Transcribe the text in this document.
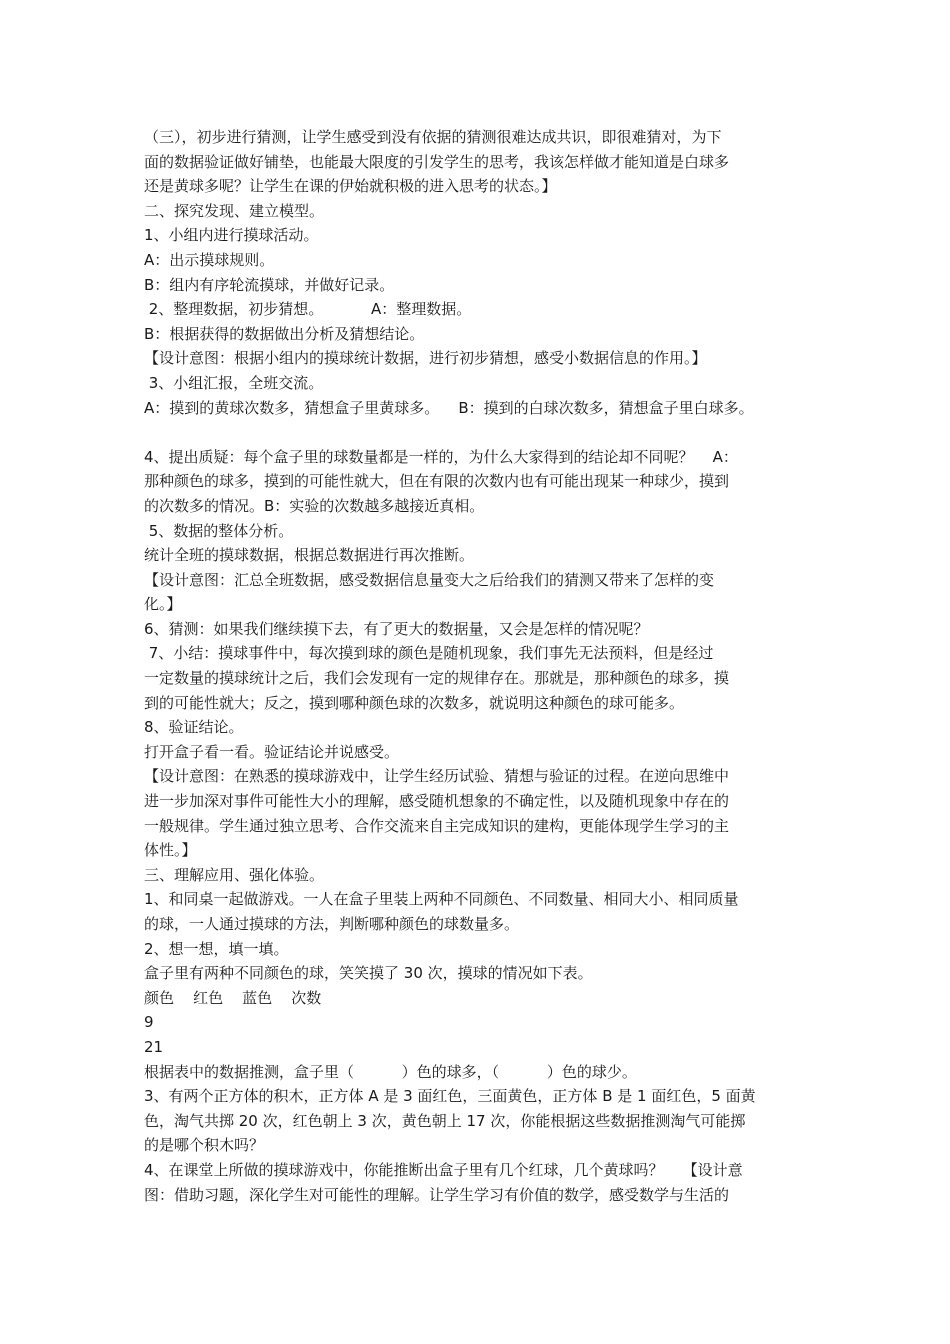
（三），初步进行猜测，让学生感受到没有依据的猜测很难达成共识，即很难猜对，为下
面的数据验证做好铺垫，也能最大限度的引发学生的思考，我该怎样做才能知道是白球多
还是黄球多呢？让学生在课的伊始就积极的进入思考的状态。】
二、探究发现、建立模型。
1、小组内进行摸球活动。
A：出示摸球规则。
B：组内有序轮流摸球，并做好记录。
2、整理数据，初步猜想。          A：整理数据。
B：根据获得的数据做出分析及猜想结论。
【设计意图：根据小组内的摸球统计数据，进行初步猜想，感受小数据信息的作用。】
3、小组汇报，全班交流。
A：摸到的黄球次数多，猜想盒子里黄球多。    B：摸到的白球次数多，猜想盒子里白球多。
4、提出质疑：每个盒子里的球数量都是一样的，为什么大家得到的结论却不同呢？    A：
那种颜色的球多，摸到的可能性就大，但在有限的次数内也有可能出现某一种球少，摸到
的次数多的情况。B：实验的次数越多越接近真相。
5、数据的整体分析。
统计全班的摸球数据，根据总数据进行再次推断。
【设计意图：汇总全班数据，感受数据信息量变大之后给我们的猜测又带来了怎样的变
化。】
6、猜测：如果我们继续摸下去，有了更大的数据量，又会是怎样的情况呢？
7、小结：摸球事件中，每次摸到球的颜色是随机现象，我们事先无法预料，但是经过
一定数量的摸球统计之后，我们会发现有一定的规律存在。那就是，那种颜色的球多，摸
到的可能性就大；反之，摸到哪种颜色球的次数多，就说明这种颜色的球可能多。
8、验证结论。
打开盒子看一看。验证结论并说感受。
【设计意图：在熟悉的摸球游戏中，让学生经历试验、猜想与验证的过程。在逆向思维中
进一步加深对事件可能性大小的理解，感受随机想象的不确定性，以及随机现象中存在的
一般规律。学生通过独立思考、合作交流来自主完成知识的建构，更能体现学生学习的主
体性。】
三、理解应用、强化体验。
1、和同桌一起做游戏。一人在盒子里装上两种不同颜色、不同数量、相同大小、相同质量
的球，一人通过摸球的方法，判断哪种颜色的球数量多。
2、想一想，填一填。
盒子里有两种不同颜色的球，笑笑摸了 30 次，摸球的情况如下表。
颜色    红色    蓝色    次数
9
21
根据表中的数据推测，盒子里（          ）色的球多，（          ）色的球少。
3、有两个正方体的积木，正方体 A 是 3 面红色，三面黄色，正方体 B 是 1 面红色，5 面黄
色，淘气共掷 20 次，红色朝上 3 次，黄色朝上 17 次，你能根据这些数据推测淘气可能掷
的是哪个积木吗？
4、在课堂上所做的摸球游戏中，你能推断出盒子里有几个红球，几个黄球吗？    【设计意
图：借助习题，深化学生对可能性的理解。让学生学习有价值的数学，感受数学与生活的
